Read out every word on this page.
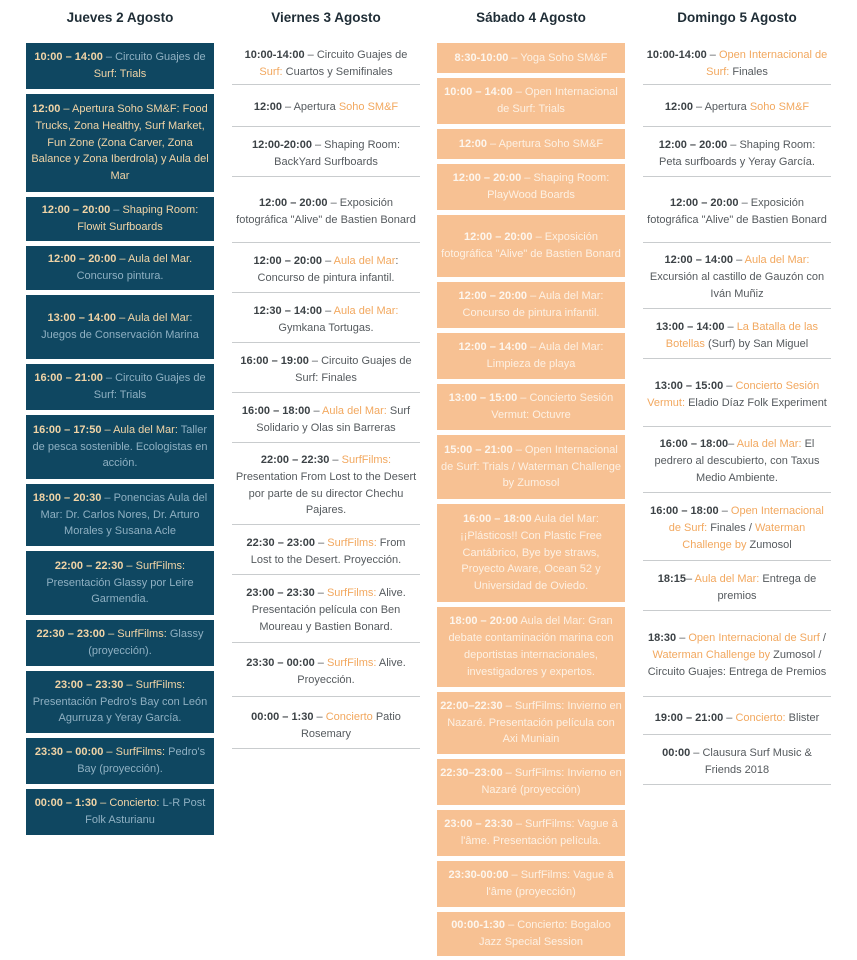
Jueves 2 Agosto
10:00 – 14:00 – Circuito Guajes de Surf: Trials
12:00 – Apertura Soho SM&F: Food Trucks, Zona Healthy, Surf Market, Fun Zone (Zona Carver, Zona Balance y Zona Iberdrola) y Aula del Mar
12:00 – 20:00 – Shaping Room: Flowit Surfboards
12:00 – 20:00 – Aula del Mar. Concurso pintura.
13:00 – 14:00 – Aula del Mar: Juegos de Conservación Marina
16:00 – 21:00 – Circuito Guajes de Surf: Trials
16:00 – 17:50 – Aula del Mar: Taller de pesca sostenible. Ecologistas en acción.
18:00 – 20:30 – Ponencias Aula del Mar: Dr. Carlos Nores, Dr. Arturo Morales y Susana Acle
22:00 – 22:30 – SurfFilms: Presentación Glassy por Leire Garmendia.
22:30 – 23:00 – SurfFilms: Glassy (proyección).
23:00 – 23:30 – SurfFilms: Presentación Pedro's Bay con León Agurruza y Yeray García.
23:30 – 00:00 – SurfFilms: Pedro's Bay (proyección).
00:00 – 1:30 – Concierto: L-R Post Folk Asturianu
Viernes 3 Agosto
10:00-14:00 – Circuito Guajes de Surf: Cuartos y Semifinales
12:00 – Apertura Soho SM&F
12:00-20:00 – Shaping Room: BackYard Surfboards
12:00 – 20:00 – Exposición fotográfica "Alive" de Bastien Bonard
12:00 – 20:00 – Aula del Mar: Concurso de pintura infantil.
12:30 – 14:00 – Aula del Mar: Gymkana Tortugas.
16:00 – 19:00 – Circuito Guajes de Surf: Finales
16:00 – 18:00 – Aula del Mar: Surf Solidario y Olas sin Barreras
22:00 – 22:30 – SurfFilms: Presentation From Lost to the Desert por parte de su director Chechu Pajares.
22:30 – 23:00 – SurfFilms: From Lost to the Desert. Proyección.
23:00 – 23:30 – SurfFilms: Alive. Presentación película con Ben Moureau y Bastien Bonard.
23:30 – 00:00 – SurfFilms: Alive. Proyección.
00:00 – 1:30 – Concierto Patio Rosemary
Sábado 4 Agosto
8:30-10:00 – Yoga Soho SM&F
10:00 – 14:00 – Open Internacional de Surf: Trials
12:00 – Apertura Soho SM&F
12:00 – 20:00 – Shaping Room: PlayWood Boards
12:00 – 20:00 – Exposición fotográfica "Alive" de Bastien Bonard
12:00 – 20:00 – Aula del Mar: Concurso de pintura infantil.
12:00 – 14:00 – Aula del Mar: Limpieza de playa
13:00 – 15:00 – Concierto Sesión Vermut: Octuvre
15:00 – 21:00 – Open Internacional de Surf: Trials / Waterman Challenge by Zumosol
16:00 – 18:00 Aula del Mar: ¡¡Plásticos!! Con Plastic Free Cantábrico, Bye bye straws, Proyecto Aware, Ocean 52 y Universidad de Oviedo.
18:00 – 20:00 Aula del Mar: Gran debate contaminación marina con deportistas internacionales, investigadores y expertos.
22:00–22:30 – SurfFilms: Invierno en Nazaré. Presentación película con Axi Muniain
22:30–23:00 – SurfFilms: Invierno en Nazaré (proyección)
23:00 – 23:30 – SurfFilms: Vague à l'âme. Presentación película.
23:30-00:00 – SurfFilms: Vague à l'âme (proyección)
00:00-1:30 – Concierto: Bogaloo Jazz Special Session
Domingo 5 Agosto
10:00-14:00 – Open Internacional de Surf: Finales
12:00 – Apertura Soho SM&F
12:00 – 20:00 – Shaping Room: Peta surfboards y Yeray García.
12:00 – 20:00 – Exposición fotográfica "Alive" de Bastien Bonard
12:00 – 14:00 – Aula del Mar: Excursión al castillo de Gauzón con Iván Muñiz
13:00 – 14:00 – La Batalla de las Botellas (Surf) by San Miguel
13:00 – 15:00 – Concierto Sesión Vermut: Eladio Díaz Folk Experiment
16:00 – 18:00– Aula del Mar: El pedrero al descubierto, con Taxus Medio Ambiente.
16:00 – 18:00 – Open Internacional de Surf: Finales / Waterman Challenge by Zumosol
18:15– Aula del Mar: Entrega de premios
18:30 – Open Internacional de Surf / Waterman Challenge by Zumosol / Circuito Guajes: Entrega de Premios
19:00 – 21:00 – Concierto: Blister
00:00 – Clausura Surf Music & Friends 2018
